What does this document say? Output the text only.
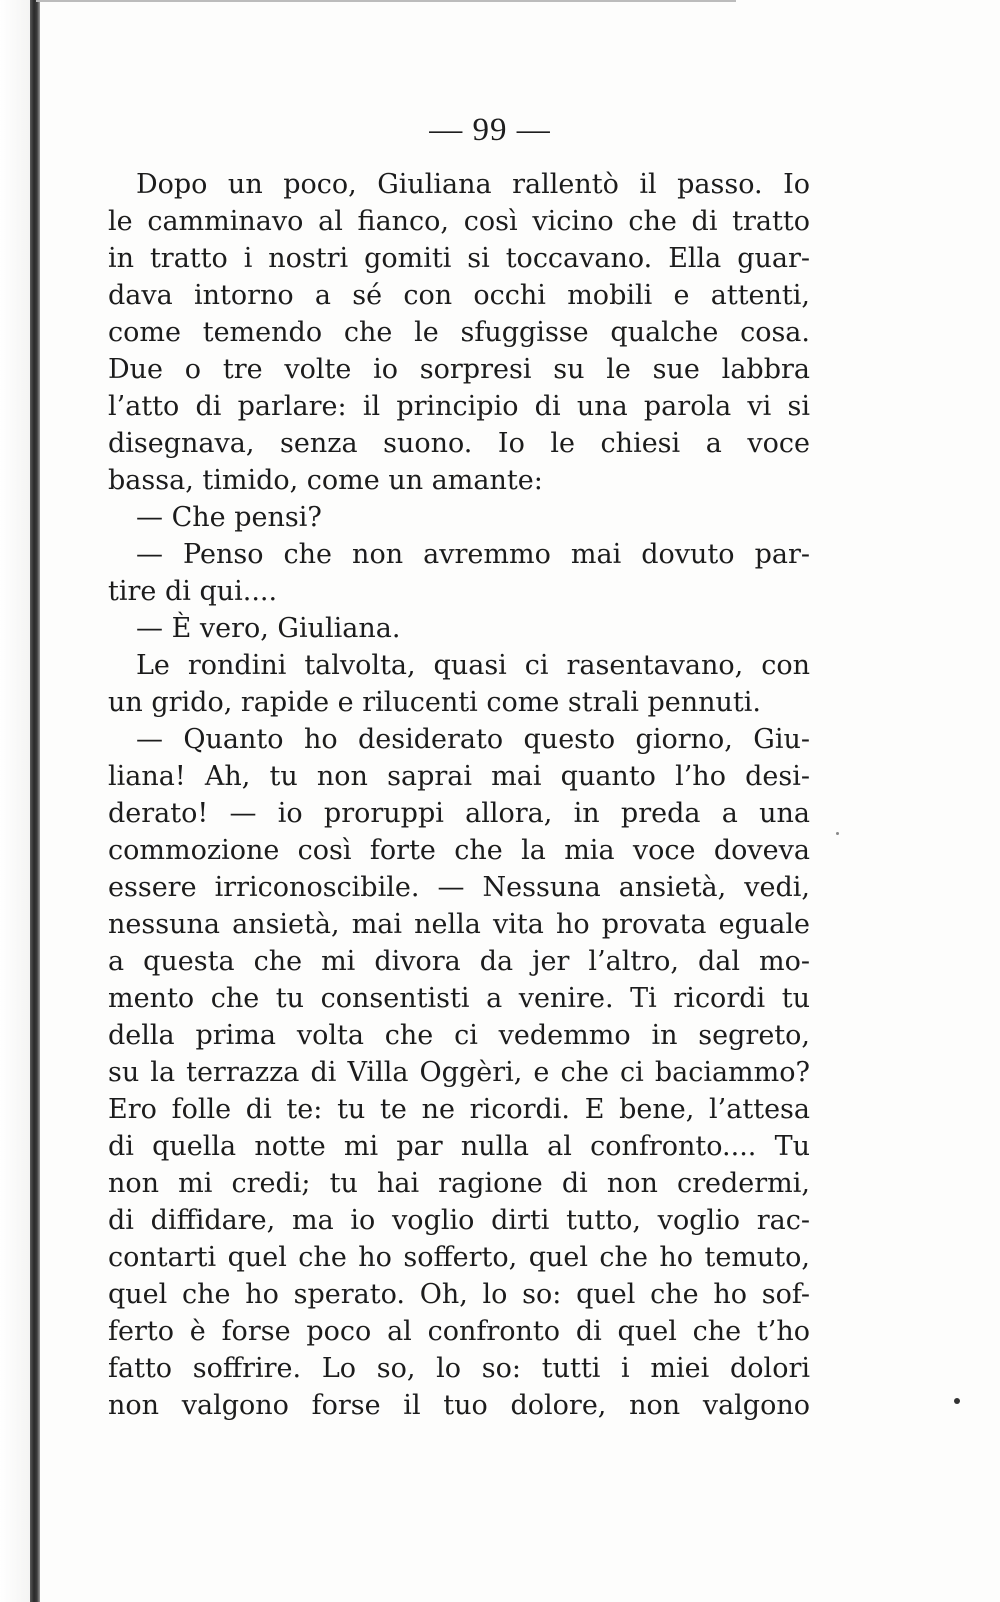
— 99 —
Dopo un poco, Giuliana rallentò il passo. Io
le camminavo al fianco, così vicino che di tratto
in tratto i nostri gomiti si toccavano. Ella guar-
dava intorno a sé con occhi mobili e attenti,
come temendo che le sfuggisse qualche cosa.
Due o tre volte io sorpresi su le sue labbra
l’atto di parlare: il principio di una parola vi si
disegnava, senza suono. Io le chiesi a voce
bassa, timido, come un amante:
— Che pensi?
— Penso che non avremmo mai dovuto par-
tire di qui....
— È vero, Giuliana.
Le rondini talvolta, quasi ci rasentavano, con
un grido, rapide e rilucenti come strali pennuti.
— Quanto ho desiderato questo giorno, Giu-
liana! Ah, tu non saprai mai quanto l’ho desi-
derato! — io proruppi allora, in preda a una
commozione così forte che la mia voce doveva
essere irriconoscibile. — Nessuna ansietà, vedi,
nessuna ansietà, mai nella vita ho provata eguale
a questa che mi divora da jer l’altro, dal mo-
mento che tu consentisti a venire. Ti ricordi tu
della prima volta che ci vedemmo in segreto,
su la terrazza di Villa Oggèri, e che ci baciammo?
Ero folle di te: tu te ne ricordi. E bene, l’attesa
di quella notte mi par nulla al confronto.... Tu
non mi credi; tu hai ragione di non credermi,
di diffidare, ma io voglio dirti tutto, voglio rac-
contarti quel che ho sofferto, quel che ho temuto,
quel che ho sperato. Oh, lo so: quel che ho sof-
ferto è forse poco al confronto di quel che t’ho
fatto soffrire. Lo so, lo so: tutti i miei dolori
non valgono forse il tuo dolore, non valgono
